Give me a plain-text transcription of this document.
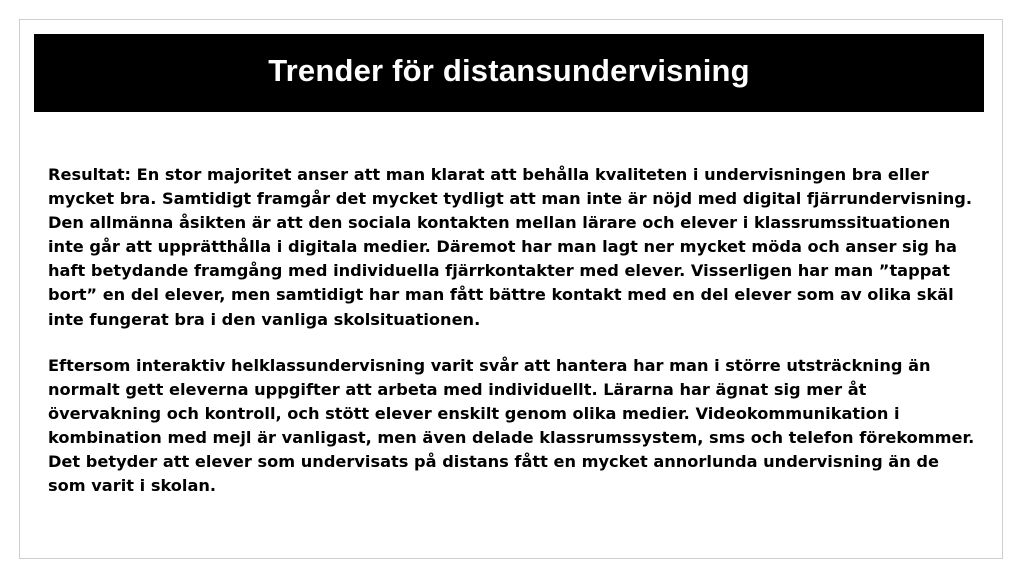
Trender för distansundervisning

Resultat: En stor majoritet anser att man klarat att behålla kvaliteten i undervisningen bra eller mycket bra. Samtidigt framgår det mycket tydligt att man inte är nöjd med digital fjärrundervisning. Den allmänna åsikten är att den sociala kontakten mellan lärare och elever i klassrumssituationen inte går att upprätthålla i digitala medier. Däremot har man lagt ner mycket möda och anser sig ha haft betydande framgång med individuella fjärrkontakter med elever. Visserligen har man ”tappat bort” en del elever, men samtidigt har man fått bättre kontakt med en del elever som av olika skäl inte fungerat bra i den vanliga skolsituationen.

Eftersom interaktiv helklassundervisning varit svår att hantera har man i större utsträckning än normalt gett eleverna uppgifter att arbeta med individuellt. Lärarna har ägnat sig mer åt övervakning och kontroll, och stött elever enskilt genom olika medier. Videokommunikation i kombination med mejl är vanligast, men även delade klassrumssystem, sms och telefon förekommer. Det betyder att elever som undervisats på distans fått en mycket annorlunda undervisning än de som varit i skolan.
